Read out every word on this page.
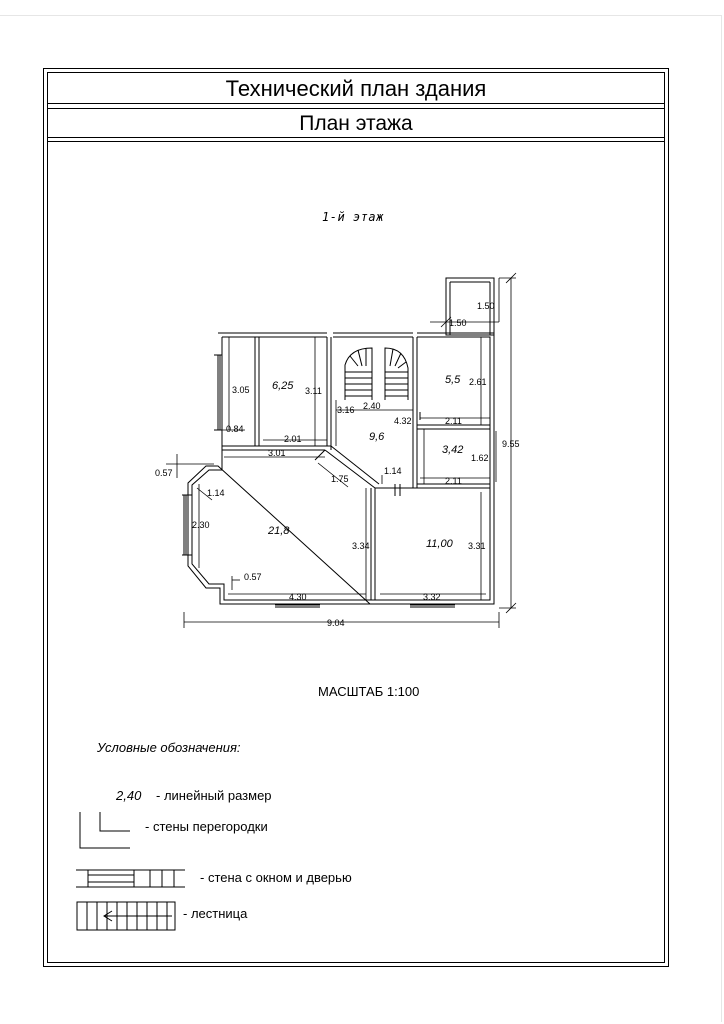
Технический план здания
План этажа
1-й этаж
6,25
9,6
5,5
3,42
21,8
11,00
1.50
1.50
9.55
3.05	3.11
2.61
3.16 2.40
4.32
0.84
2.01
2.11
2.11
1.62
3.01
0.57
1.75
1.14
1.14
2.30
3.34	3.31
0.57
4.30	3.32
9.04
МАСШТАБ 1:100
Условные обозначения:
2,40 - линейный размер
- стены перегородки
- стена с окном и дверью
- лестница
